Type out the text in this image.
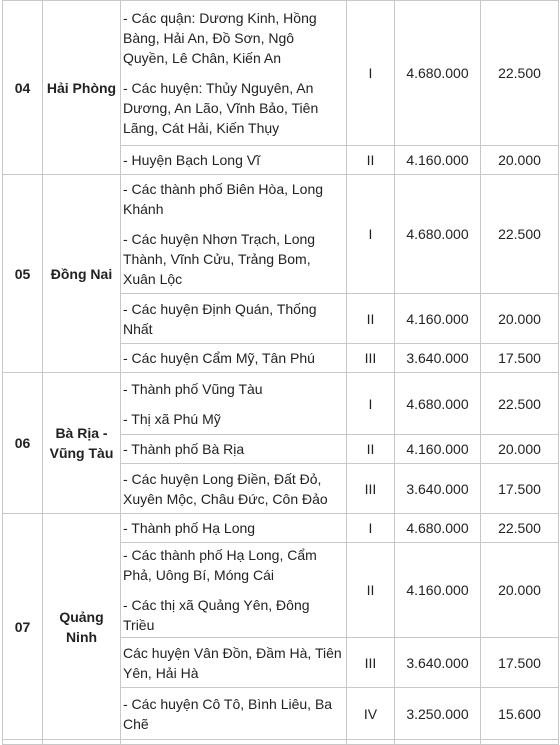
04	Hải Phòng	- Các quận: Dương Kinh, Hồng Bàng, Hải An, Đồ Sơn, Ngô Quyền, Lê Chân, Kiến An

- Các huyện: Thủy Nguyên, An Dương, An Lão, Vĩnh Bảo, Tiên Lãng, Cát Hải, Kiến Thụy	I	4.680.000	22.500

		- Huyện Bạch Long Vĩ	II	4.160.000	20.000
05	Đồng Nai	- Các thành phố Biên Hòa, Long Khánh

- Các huyện Nhơn Trạch, Long Thành, Vĩnh Cửu, Trảng Bom, Xuân Lộc	I	4.680.000	22.500

		- Các huyện Định Quán, Thống Nhất	II	4.160.000	20.000

		- Các huyện Cẩm Mỹ, Tân Phú	III	3.640.000	17.500
06	Bà Rịa - Vũng Tàu	- Thành phố Vũng Tàu

- Thị xã Phú Mỹ	I	4.680.000	22.500

		- Thành phố Bà Rịa	II	4.160.000	20.000

		- Các huyện Long Điền, Đất Đỏ, Xuyên Mộc, Châu Đức, Côn Đảo	III	3.640.000	17.500
07	Quảng Ninh	- Thành phố Hạ Long	I	4.680.000	22.500

		- Các thành phố Hạ Long, Cẩm Phả, Uông Bí, Móng Cái

- Các thị xã Quảng Yên, Đông Triều	II	4.160.000	20.000

		Các huyện Vân Đồn, Đầm Hà, Tiên Yên, Hải Hà	III	3.640.000	17.500

		- Các huyện Cô Tô, Bình Liêu, Ba Chẽ	IV	3.250.000	15.600
